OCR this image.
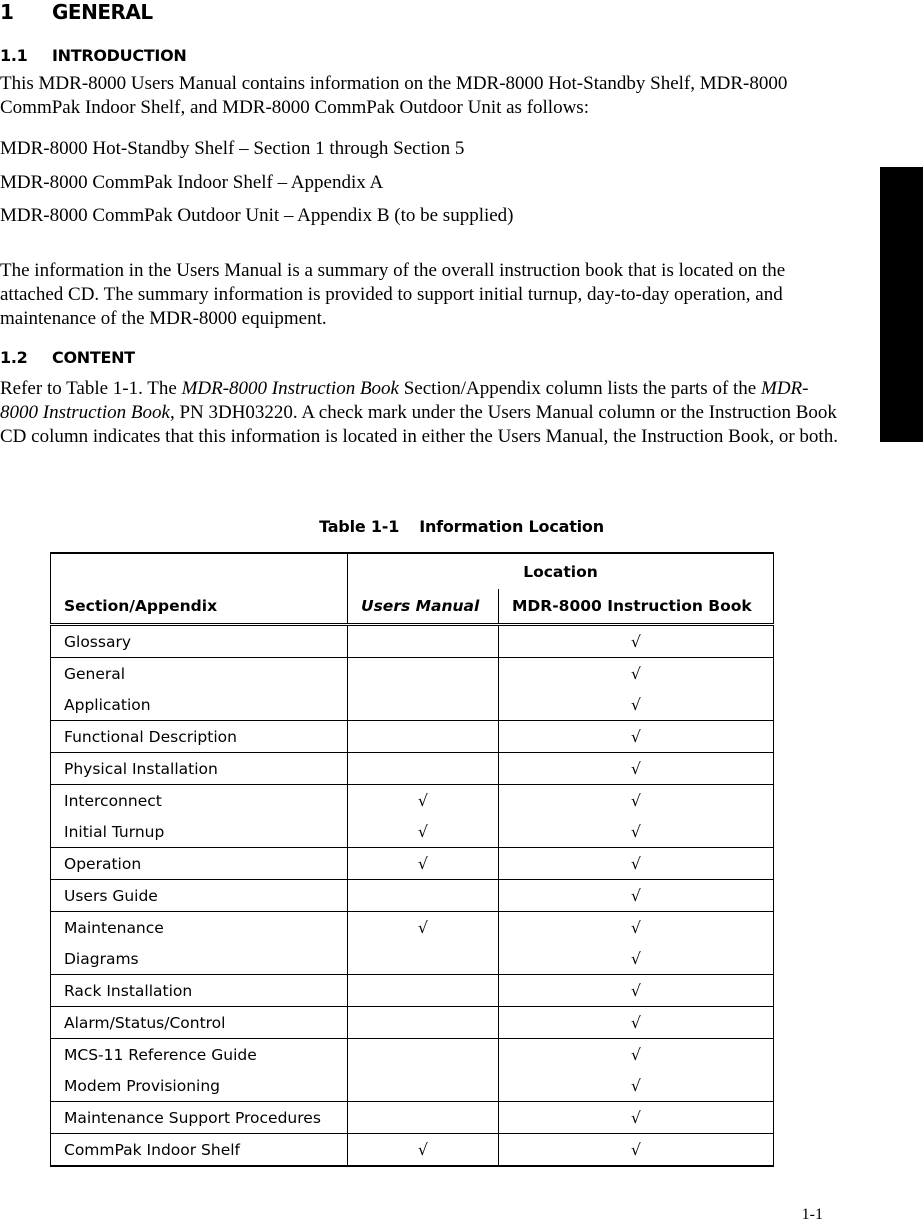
1 GENERAL
1.1 INTRODUCTION
This MDR-8000 Users Manual contains information on the MDR-8000 Hot-Standby Shelf, MDR-8000 CommPak Indoor Shelf, and MDR-8000 CommPak Outdoor Unit as follows:
MDR-8000 Hot-Standby Shelf – Section 1 through Section 5
MDR-8000 CommPak Indoor Shelf – Appendix A
MDR-8000 CommPak Outdoor Unit – Appendix B (to be supplied)
The information in the Users Manual is a summary of the overall instruction book that is located on the attached CD. The summary information is provided to support initial turnup, day-to-day operation, and maintenance of the MDR-8000 equipment.
1.2 CONTENT
Refer to Table 1-1. The MDR-8000 Instruction Book Section/Appendix column lists the parts of the MDR-8000 Instruction Book, PN 3DH03220. A check mark under the Users Manual column or the Instruction Book CD column indicates that this information is located in either the Users Manual, the Instruction Book, or both.
Table 1-1 Information Location
	Location	
Section/Appendix	Users Manual	MDR-8000 Instruction Book
Glossary		√
General		√
Application		√
Functional Description		√
Physical Installation		√
Interconnect	√	√
Initial Turnup	√	√
Operation	√	√
Users Guide		√
Maintenance	√	√
Diagrams		√
Rack Installation		√
Alarm/Status/Control		√
MCS-11 Reference Guide		√
Modem Provisioning		√
Maintenance Support Procedures		√
CommPak Indoor Shelf	√	√
1-1
